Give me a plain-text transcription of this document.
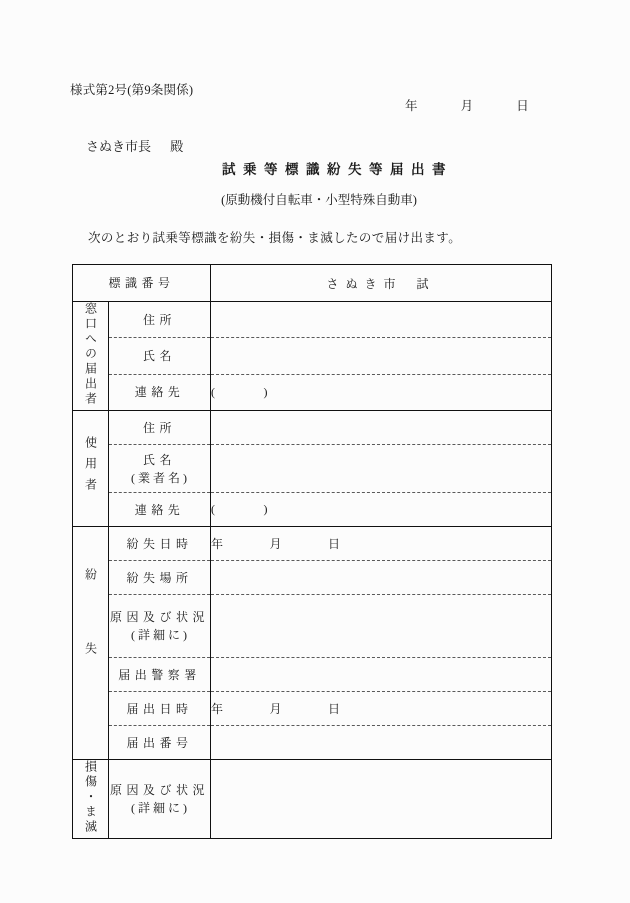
様式第2号(第9条関係)
年	月	日
さぬき市長 殿
試乗等標識紛失等届出書
(原動機付自転車・小型特殊自動車)
次のとおり試乗等標識を紛失・損傷・ま滅したので届け出ます。
標識番号		さぬき市 試
窓口への届出者	住所	
	氏名	
	連絡先	( )
使用者	住所	
	氏名
(業者名)	

	連絡先	( )
紛失	紛失日時	年 月 日
	紛失場所	
	原因及び状況
(詳細に)	

	届出警察署	
	届出日時	年 月 日
	届出番号	
損傷・ま滅	原因及び状況
(詳細に)	
